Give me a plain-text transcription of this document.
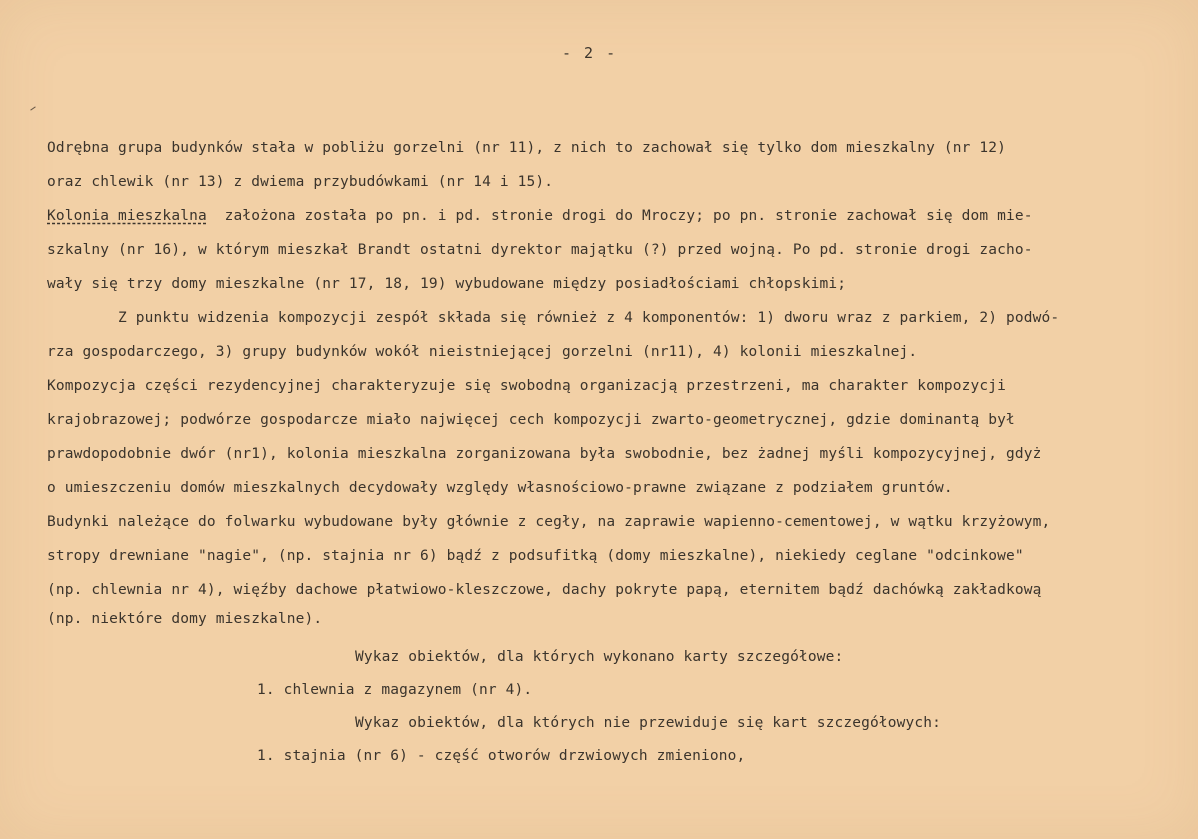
- 2 -
Odrębna grupa budynków stała w pobliżu gorzelni (nr 11), z nich to zachował się tylko dom mieszkalny (nr 12)
oraz chlewik (nr 13) z dwiema przybudówkami (nr 14 i 15).
Kolonia mieszkalna  założona została po pn. i pd. stronie drogi do Mroczy; po pn. stronie zachował się dom mie-
szkalny (nr 16), w którym mieszkał Brandt ostatni dyrektor majątku (?) przed wojną. Po pd. stronie drogi zacho-
wały się trzy domy mieszkalne (nr 17, 18, 19) wybudowane między posiadłościami chłopskimi;
Z punktu widzenia kompozycji zespół składa się również z 4 komponentów: 1) dworu wraz z parkiem, 2) podwó-
rza gospodarczego, 3) grupy budynków wokół nieistniejącej gorzelni (nr11), 4) kolonii mieszkalnej.
Kompozycja części rezydencyjnej charakteryzuje się swobodną organizacją przestrzeni, ma charakter kompozycji
krajobrazowej; podwórze gospodarcze miało najwięcej cech kompozycji zwarto-geometrycznej, gdzie dominantą był
prawdopodobnie dwór (nr1), kolonia mieszkalna zorganizowana była swobodnie, bez żadnej myśli kompozycyjnej, gdyż
o umieszczeniu domów mieszkalnych decydowały względy własnościowo-prawne związane z podziałem gruntów.
Budynki należące do folwarku wybudowane były głównie z cegły, na zaprawie wapienno-cementowej, w wątku krzyżowym,
stropy drewniane "nagie", (np. stajnia nr 6) bądź z podsufitką (domy mieszkalne), niekiedy ceglane "odcinkowe"
(np. chlewnia nr 4), więźby dachowe płatwiowo-kleszczowe, dachy pokryte papą, eternitem bądź dachówką zakładkową
(np. niektóre domy mieszkalne).
Wykaz obiektów, dla których wykonano karty szczegółowe:
1. chlewnia z magazynem (nr 4).
Wykaz obiektów, dla których nie przewiduje się kart szczegółowych:
1. stajnia (nr 6) - część otworów drzwiowych zmieniono,
